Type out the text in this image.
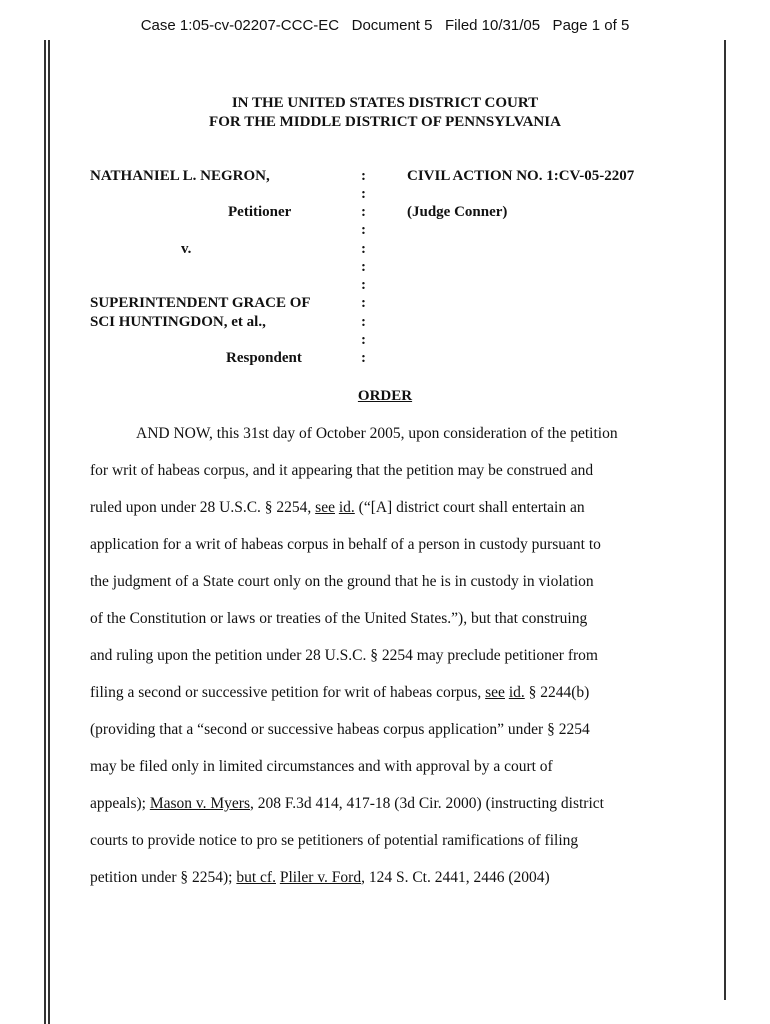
Case 1:05-cv-02207-CCC-EC   Document 5   Filed 10/31/05   Page 1 of 5
IN THE UNITED STATES DISTRICT COURT
FOR THE MIDDLE DISTRICT OF PENNSYLVANIA
NATHANIEL L. NEGRON,
Petitioner
v.
SUPERINTENDENT GRACE OF
SCI HUNTINGDON, et al.,
Respondent
:
:
:
:
:
:
:
:
:
:
:
CIVIL ACTION NO. 1:CV-05-2207
(Judge Conner)
ORDER
AND NOW, this 31st day of October 2005, upon consideration of the petition
for writ of habeas corpus, and it appearing that the petition may be construed and
ruled upon under 28 U.S.C. § 2254, see id. (“[A] district court shall entertain an
application for a writ of habeas corpus in behalf of a person in custody pursuant to
the judgment of a State court only on the ground that he is in custody in violation
of the Constitution or laws or treaties of the United States.”), but that construing
and ruling upon the petition under 28 U.S.C. § 2254 may preclude petitioner from
filing a second or successive petition for writ of habeas corpus, see id. § 2244(b)
(providing that a “second or successive habeas corpus application” under § 2254
may be filed only in limited circumstances and with approval by a court of
appeals); Mason v. Myers, 208 F.3d 414, 417-18 (3d Cir. 2000) (instructing district
courts to provide notice to pro se petitioners of potential ramifications of filing
petition under § 2254); but cf. Pliler v. Ford, 124 S. Ct. 2441, 2446 (2004)
